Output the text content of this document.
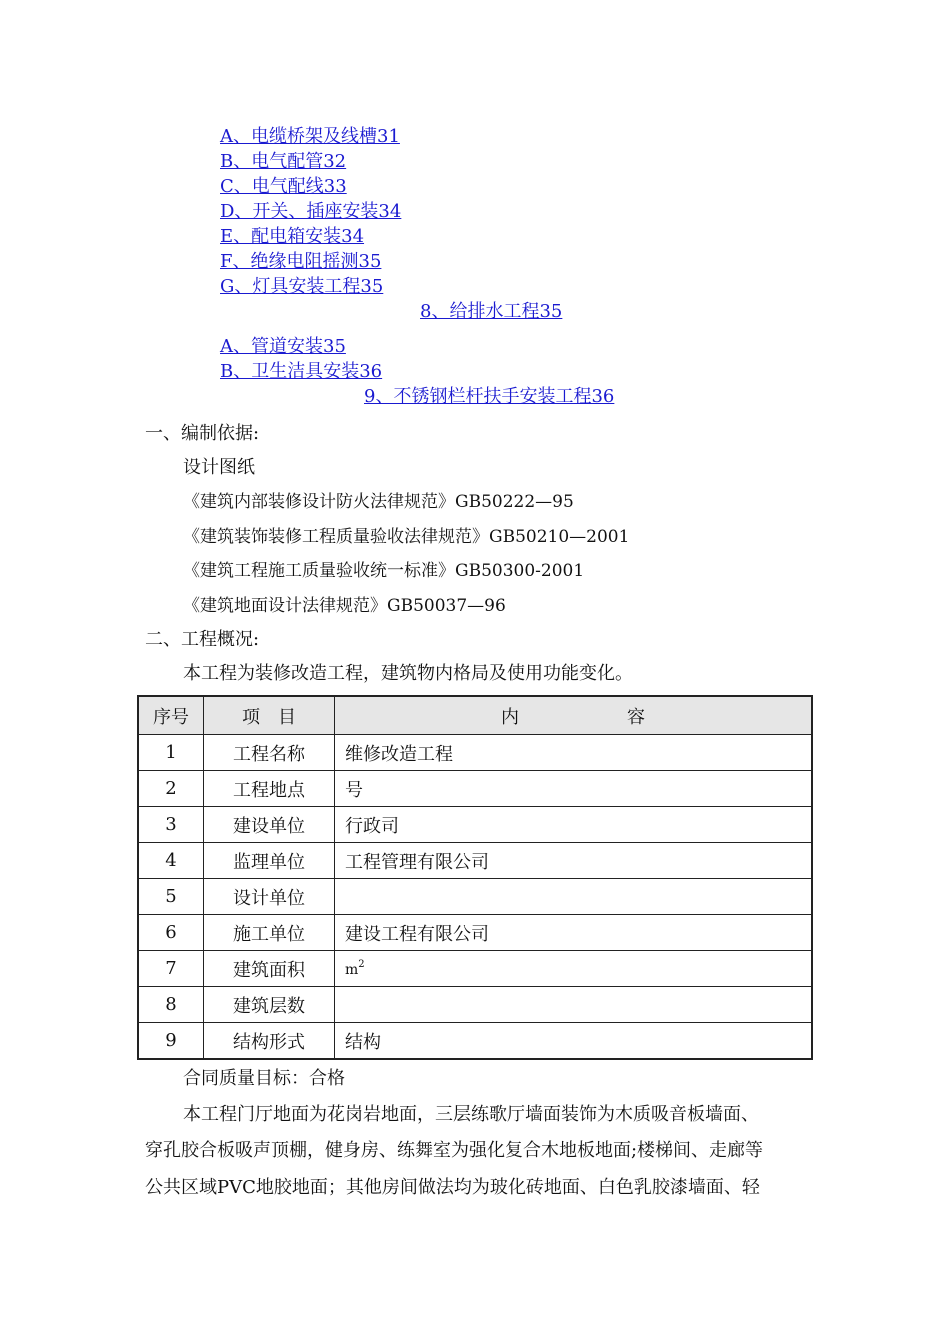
A、电缆桥架及线槽31
B、电气配管32
C、电气配线33
D、开关、插座安装34
E、配电箱安装34
F、绝缘电阻摇测35
G、灯具安装工程35
8、给排水工程35
A、管道安装35
B、卫生洁具安装36
9、不锈钢栏杆扶手安装工程36
一、编制依据:
设计图纸
《建筑内部装修设计防火法律规范》GB50222—95
《建筑装饰装修工程质量验收法律规范》GB50210—2001
《建筑工程施工质量验收统一标准》GB50300-2001
《建筑地面设计法律规范》GB50037—96
二、工程概况:
本工程为装修改造工程，建筑物内格局及使用功能变化。
序号	项　目	内　　　　　　容
1	工程名称	维修改造工程
2	工程地点	号
3	建设单位	行政司
4	监理单位	工程管理有限公司
5	设计单位	
6	施工单位	建设工程有限公司
7	建筑面积	$m^2$
8	建筑层数	
9	结构形式	结构
合同质量目标：合格
本工程门厅地面为花岗岩地面，三层练歌厅墙面装饰为木质吸音板墙面、
穿孔胶合板吸声顶棚，健身房、练舞室为强化复合木地板地面;楼梯间、走廊等
公共区域PVC地胶地面；其他房间做法均为玻化砖地面、白色乳胶漆墙面、轻
